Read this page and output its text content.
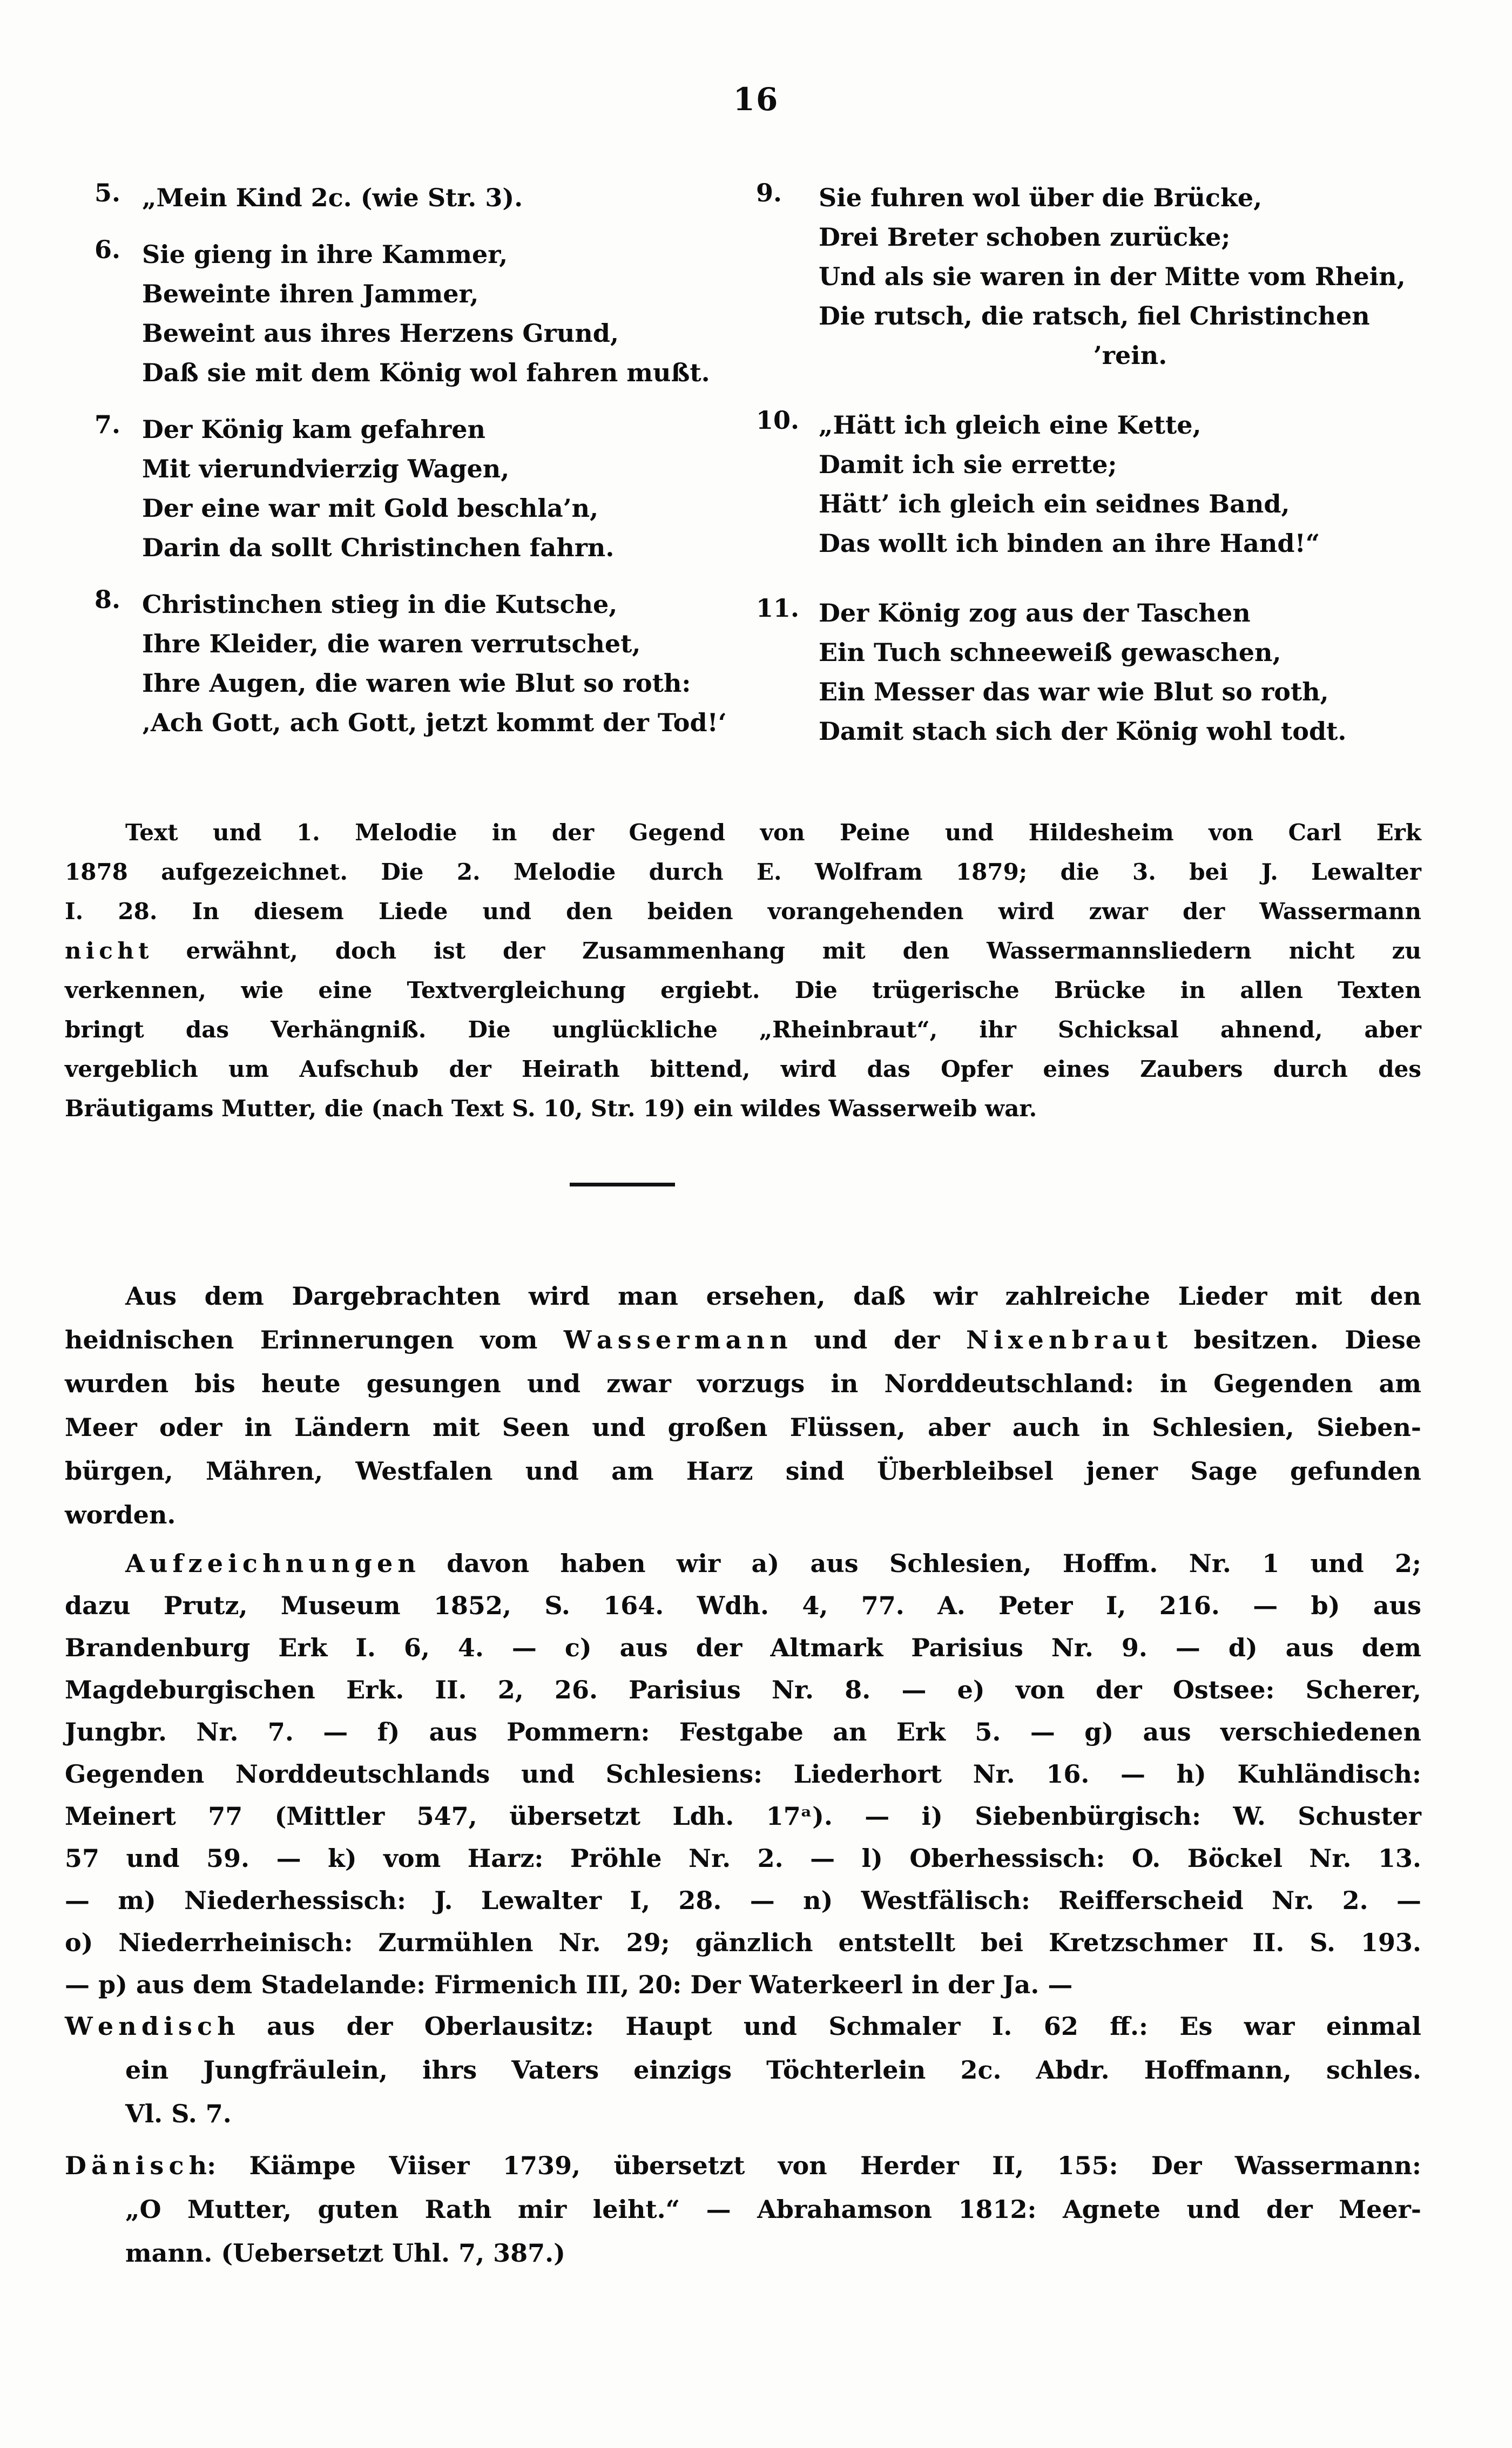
16
5. „Mein Kind 2c. (wie Str. 3).
6. Sie gieng in ihre Kammer,
Beweinte ihren Jammer,
Beweint aus ihres Herzens Grund,
Daß sie mit dem König wol fahren mußt.
7. Der König kam gefahren
Mit vierundvierzig Wagen,
Der eine war mit Gold beschla’n,
Darin da sollt Christinchen fahrn.
8. Christinchen stieg in die Kutsche,
Ihre Kleider, die waren verrutschet,
Ihre Augen, die waren wie Blut so roth:
‚Ach Gott, ach Gott, jetzt kommt der Tod!‘
9.	Sie fuhren wol über die Brücke,
Drei Breter schoben zurücke;
Und als sie waren in der Mitte vom Rhein,
Die rutsch, die ratsch, fiel Christinchen
’rein.
10. „Hätt ich gleich eine Kette,
Damit ich sie errette;
Hätt’ ich gleich ein seidnes Band,
Das wollt ich binden an ihre Hand!“
11. Der König zog aus der Taschen
Ein Tuch schneeweiß gewaschen,
Ein Messer das war wie Blut so roth,
Damit stach sich der König wohl todt.
Text und 1. Melodie in der Gegend von Peine und Hildesheim von Carl Erk
1878 aufgezeichnet. Die 2. Melodie durch E. Wolfram 1879; die 3. bei J. Lewalter
I. 28. In diesem Liede und den beiden vorangehenden wird zwar der Wassermann
n i c h t erwähnt, doch ist der Zusammenhang mit den Wassermannsliedern nicht zu
verkennen, wie eine Textvergleichung ergiebt. Die trügerische Brücke in allen Texten
bringt das Verhängniß. Die unglückliche „Rheinbraut“, ihr Schicksal ahnend, aber
vergeblich um Aufschub der Heirath bittend, wird das Opfer eines Zaubers durch des
Bräutigams Mutter, die (nach Text S. 10, Str. 19) ein wildes Wasserweib war.
Aus dem Dargebrachten wird man ersehen, daß wir zahlreiche Lieder mit den
heidnischen Erinnerungen vom W a s s e r m a n n und der N i x e n b r a u t besitzen. Diese
wurden bis heute gesungen und zwar vorzugs in Norddeutschland: in Gegenden am
Meer oder in Ländern mit Seen und großen Flüssen, aber auch in Schlesien, Sieben-
bürgen, Mähren, Westfalen und am Harz sind Überbleibsel jener Sage gefunden
worden.
A u f z e i c h n u n g e n davon haben wir a) aus Schlesien, Hoffm. Nr. 1 und 2;
dazu Prutz, Museum 1852, S. 164. Wdh. 4, 77. A. Peter I, 216. — b) aus
Brandenburg Erk I. 6, 4. — c) aus der Altmark Parisius Nr. 9. — d) aus dem
Magdeburgischen Erk. II. 2, 26. Parisius Nr. 8. — e) von der Ostsee: Scherer,
Jungbr. Nr. 7. — f) aus Pommern: Festgabe an Erk 5. — g) aus verschiedenen
Gegenden Norddeutschlands und Schlesiens: Liederhort Nr. 16. — h) Kuhländisch:
Meinert 77 (Mittler 547, übersetzt Ldh. 17ᵃ). — i) Siebenbürgisch: W. Schuster
57 und 59. — k) vom Harz: Pröhle Nr. 2. — l) Oberhessisch: O. Böckel Nr. 13.
— m) Niederhessisch: J. Lewalter I, 28. — n) Westfälisch: Reifferscheid Nr. 2. —
o) Niederrheinisch: Zurmühlen Nr. 29; gänzlich entstellt bei Kretzschmer II. S. 193.
— p) aus dem Stadelande: Firmenich III, 20: Der Waterkeerl in der Ja. —
W e n d i s c h aus der Oberlausitz: Haupt und Schmaler I. 62 ff.: Es war einmal
ein Jungfräulein, ihrs Vaters einzigs Töchterlein 2c. Abdr. Hoffmann, schles.
Vl. S. 7.
D ä n i s c h: Kiämpe Viiser 1739, übersetzt von Herder II, 155: Der Wassermann:
„O Mutter, guten Rath mir leiht.“ — Abrahamson 1812: Agnete und der Meer-
mann. (Uebersetzt Uhl. 7, 387.)
